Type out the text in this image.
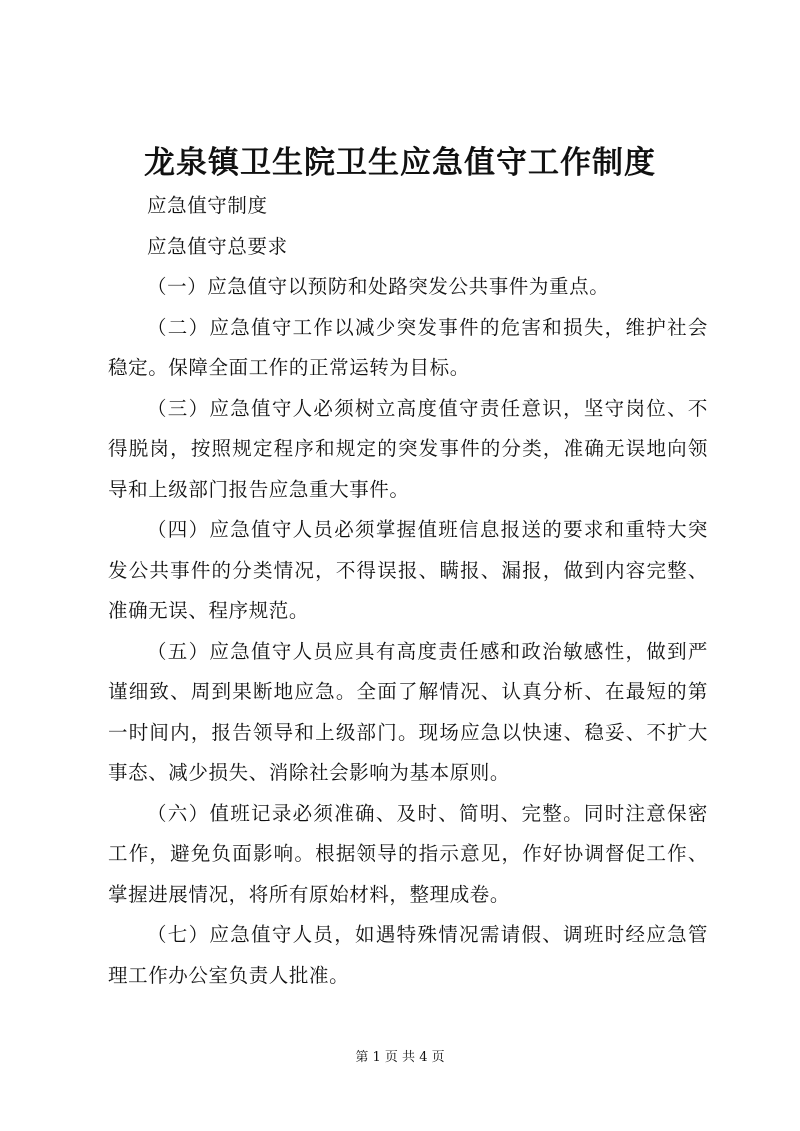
龙泉镇卫生院卫生应急值守工作制度

应急值守制度

应急值守总要求

（一）应急值守以预防和处路突发公共事件为重点。

（二）应急值守工作以减少突发事件的危害和损失，维护社会稳定。保障全面工作的正常运转为目标。

（三）应急值守人必须树立高度值守责任意识，坚守岗位、不得脱岗，按照规定程序和规定的突发事件的分类，准确无误地向领导和上级部门报告应急重大事件。

（四）应急值守人员必须掌握值班信息报送的要求和重特大突发公共事件的分类情况，不得误报、瞒报、漏报，做到内容完整、准确无误、程序规范。

（五）应急值守人员应具有高度责任感和政治敏感性，做到严谨细致、周到果断地应急。全面了解情况、认真分析、在最短的第一时间内，报告领导和上级部门。现场应急以快速、稳妥、不扩大事态、减少损失、消除社会影响为基本原则。

（六）值班记录必须准确、及时、简明、完整。同时注意保密工作，避免负面影响。根据领导的指示意见，作好协调督促工作、掌握进展情况，将所有原始材料，整理成卷。

（七）应急值守人员，如遇特殊情况需请假、调班时经应急管理工作办公室负责人批准。

第 1 页 共 4 页
